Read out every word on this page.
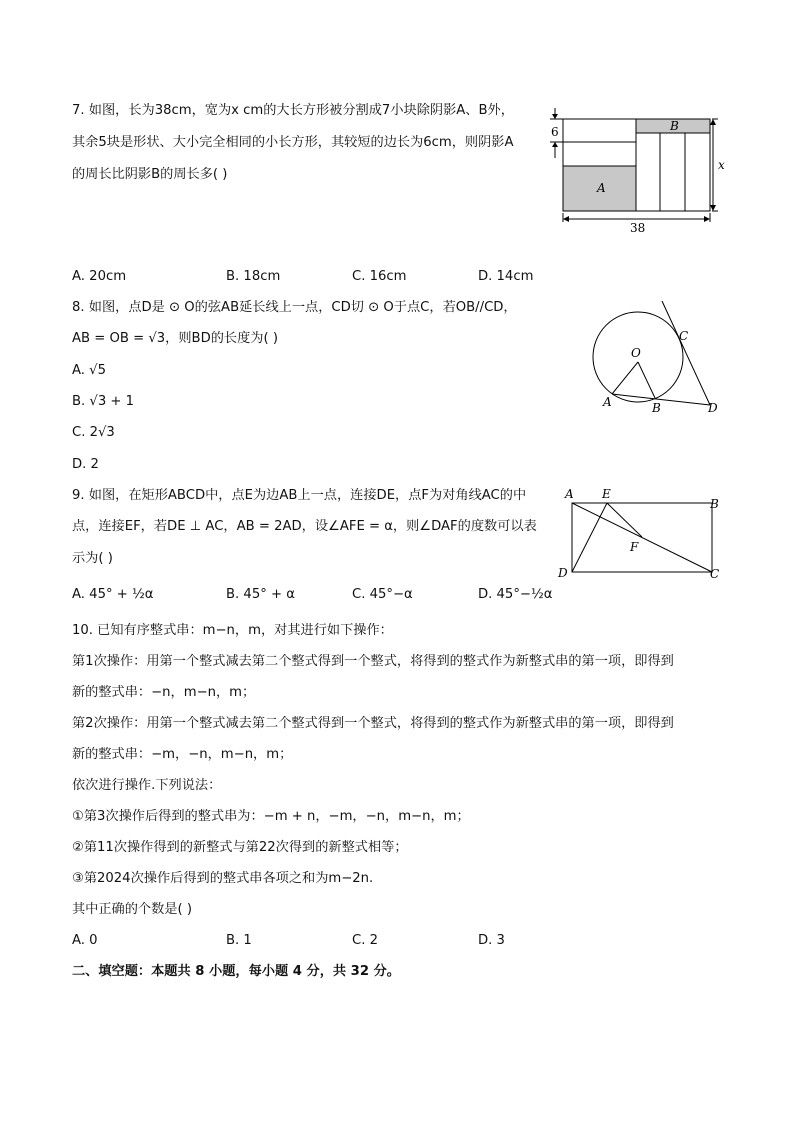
7. 如图，长为38cm，宽为x cm的大长方形被分割成7小块除阴影A、B外，
其余5块是形状、大小完全相同的小长方形，其较短的边长为6cm，则阴影A
的周长比阴影B的周长多( )
B
A
6
x
38
A. 20cm	B. 18cm	C. 16cm	D. 14cm
8. 如图，点D是 ⊙ O的弦AB延长线上一点，CD切 ⊙ O于点C，若OB//CD，
AB = OB = √3，则BD的长度为( )
A. √5
B. √3 + 1
C. 2√3
D. 2
O
A	B
C
D
9. 如图，在矩形ABCD中，点E为边AB上一点，连接DE，点F为对角线AC的中
点，连接EF，若DE ⊥ AC，AB = 2AD，设∠AFE = α，则∠DAF的度数可以表
示为( )
A E
B
F
D	C
A. 45° + ½α	B. 45° + α	C. 45°−α	D. 45°−½α
10. 已知有序整式串：m−n，m，对其进行如下操作：
第1次操作：用第一个整式减去第二个整式得到一个整式，将得到的整式作为新整式串的第一项，即得到
新的整式串：−n，m−n，m；
第2次操作：用第一个整式减去第二个整式得到一个整式，将得到的整式作为新整式串的第一项，即得到
新的整式串：−m，−n，m−n，m；
依次进行操作.下列说法：
①第3次操作后得到的整式串为：−m + n，−m，−n，m−n，m；
②第11次操作得到的新整式与第22次得到的新整式相等；
③第2024次操作后得到的整式串各项之和为m−2n.
其中正确的个数是( )
A. 0	B. 1	C. 2	D. 3
二、填空题：本题共 8 小题，每小题 4 分，共 32 分。
